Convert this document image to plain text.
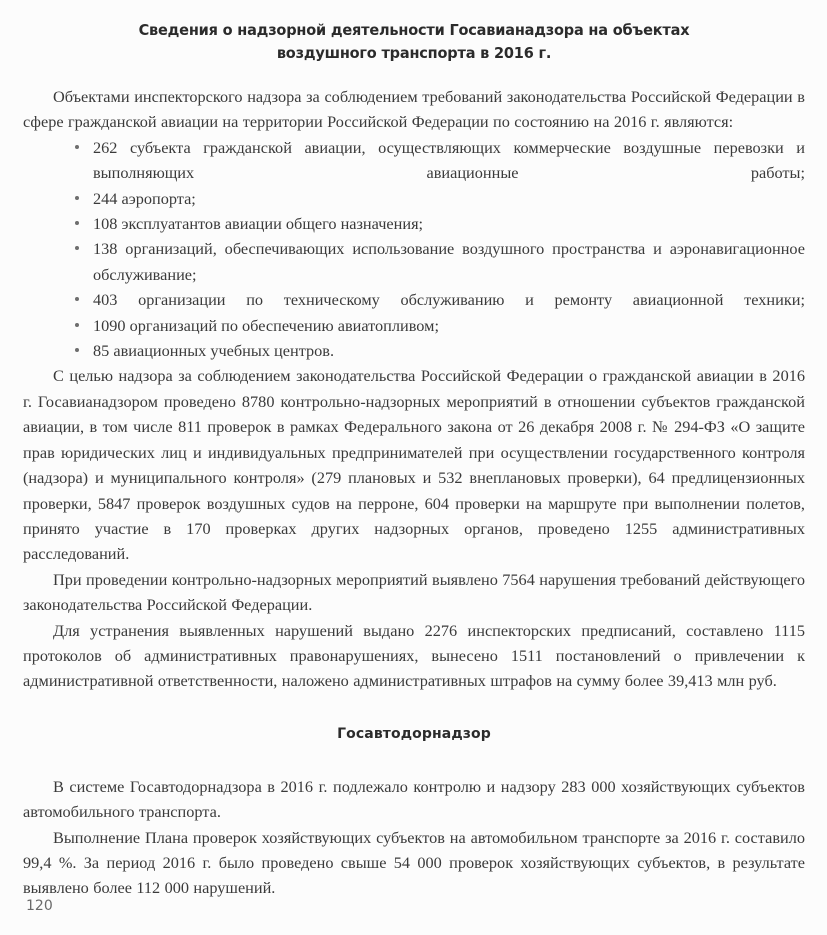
Сведения о надзорной деятельности Госавианадзора на объектах
воздушного транспорта в 2016 г.

Объектами инспекторского надзора за соблюдением требований законодательства Российской Федерации в сфере гражданской авиации на территории Российской Федерации по состоянию на 2016 г. являются:

262 субъекта гражданской авиации, осуществляющих коммерческие воздушные перевозки и выполняющих авиационные работы;
244 аэропорта;
108 эксплуатантов авиации общего назначения;
138 организаций, обеспечивающих использование воздушного пространства и аэронавигационное обслуживание;
403 организации по техническому обслуживанию и ремонту авиационной техники;
1090 организаций по обеспечению авиатопливом;
85 авиационных учебных центров.

С целью надзора за соблюдением законодательства Российской Федерации о гражданской авиации в 2016 г. Госавианадзором проведено 8780 контрольно-надзорных мероприятий в отношении субъектов гражданской авиации, в том числе 811 проверок в рамках Федерального закона от 26 декабря 2008 г. № 294-ФЗ «О защите прав юридических лиц и индивидуальных предпринимателей при осуществлении государственного контроля (надзора) и муниципального контроля» (279 плановых и 532 внеплановых проверки), 64 предлицензионных проверки, 5847 проверок воздушных судов на перроне, 604 проверки на маршруте при выполнении полетов, принято участие в 170 проверках других надзорных органов, проведено 1255 административных расследований.

При проведении контрольно-надзорных мероприятий выявлено 7564 нарушения требований действующего законодательства Российской Федерации.

Для устранения выявленных нарушений выдано 2276 инспекторских предписаний, составлено 1115 протоколов об административных правонарушениях, вынесено 1511 постановлений о привлечении к административной ответственности, наложено административных штрафов на сумму более 39,413 млн руб.

Госавтодорнадзор

В системе Госавтодорнадзора в 2016 г. подлежало контролю и надзору 283 000 хозяйствующих субъектов автомобильного транспорта.

Выполнение Плана проверок хозяйствующих субъектов на автомобильном транспорте за 2016 г. составило 99,4 %. За период 2016 г. было проведено свыше 54 000 проверок хозяйствующих субъектов, в результате выявлено более 112 000 нарушений.

120
